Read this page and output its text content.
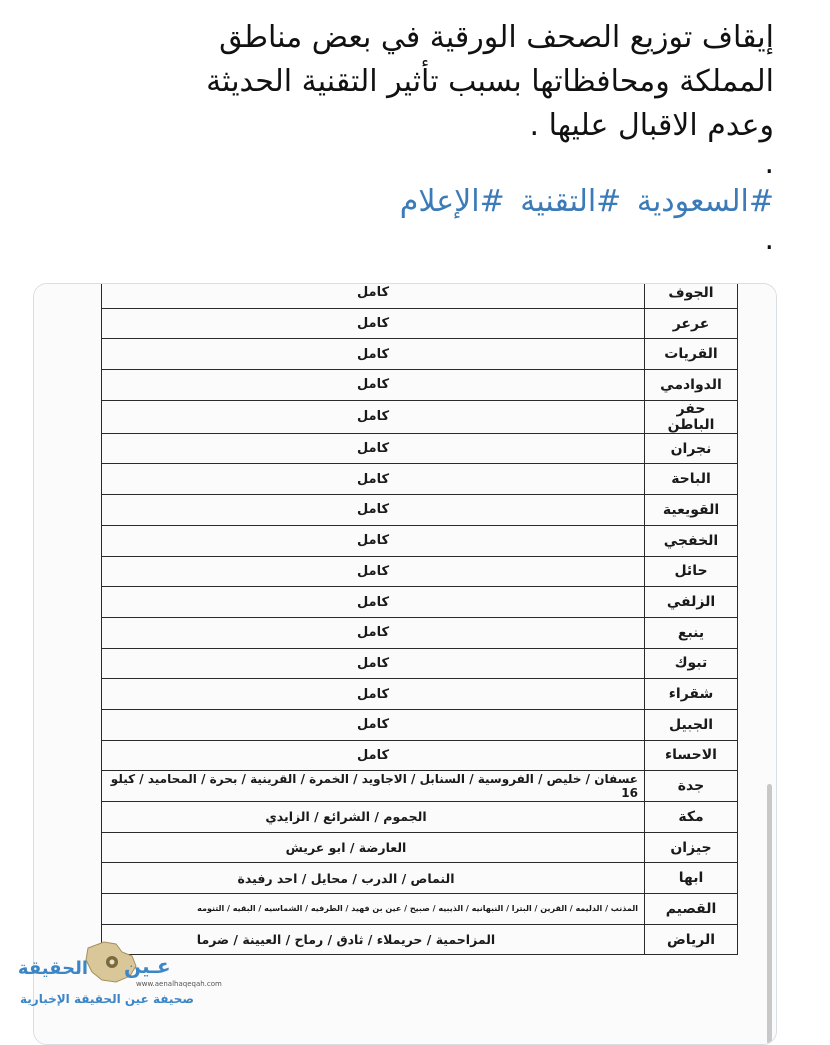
إيقاف توزيع الصحف الورقية في بعض مناطق

المملكة ومحافظاتها بسبب تأثير التقنية الحديثة

وعدم الاقبال عليها .

.

#السعودية #التقنية #الإعلام

.

الجوف	كامل
عرعر	كامل
القريات	كامل
الدوادمي	كامل
حفر الباطن	كامل
نجران	كامل
الباحة	كامل
القويعية	كامل
الخفجي	كامل
حائل	كامل
الزلفي	كامل
ينبع	كامل
تبوك	كامل
شقراء	كامل
الجبيل	كامل
الاحساء	كامل
جدة	عسفان / خليص / الفروسية / السنابل / الاجاويد / الخمرة / القرينية / بحرة / المحاميد / كيلو 16
مكة	الجموم / الشرائع / الزايدي
جيزان	العارضة / ابو عريش
ابها	النماص / الدرب / محايل / احد رفيدة
القصيم	المذنب / الدليمه / القرين / البترا / النبهانيه / الذيبيه / صبيح / عين بن فهيد / الطرفيه / الشماسيه / البقيه / التنومه
الرياض	المزاحمية / حريملاء / ثادق / رماح / العيينة / ضرما
الحقيقة عـين
www.aenalhaqeqah.com
صحيفة عين الحقيقة الإخبارية
